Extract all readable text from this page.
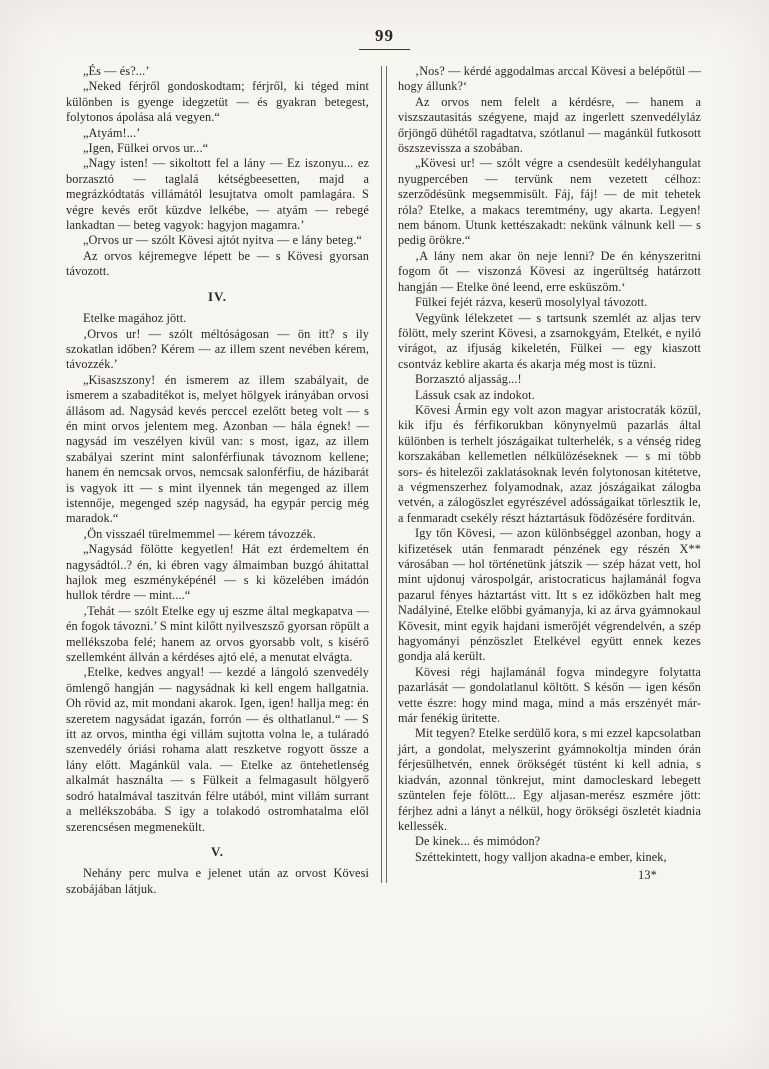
99

„És — és?...’

„Neked férjről gondoskodtam; férjről, ki téged mint különben is gyenge idegzetüt — és gyakran betegest, folytonos ápolása alá vegyen.“

„Atyám!...’

„Igen, Fülkei orvos ur...“

„Nagy isten! — sikoltott fel a lány — Ez iszonyu... ez borzasztó — taglalá kétségbeesetten, majd a megrázkódtatás villámától lesujtatva omolt pamlagára. S végre kevés erőt küzdve lelkébe, — atyám — rebegé lankadtan — beteg vagyok: hagyjon magamra.’

„Orvos ur — szólt Kövesi ajtót nyitva — e lány beteg.“

Az orvos kéjremegve lépett be — s Kövesi gyorsan távozott.

IV.

Etelke magához jött.

‚Orvos ur! — szólt méltóságosan — ön itt? s ily szokatlan időben? Kérem — az illem szent nevében kérem, távozzék.’

„Kisaszszony! én ismerem az illem szabályait, de ismerem a szabaditékot is, melyet hölgyek irányában orvosi állásom ad. Nagysád kevés perccel ezelőtt beteg volt — s én mint orvos jelentem meg. Azonban — hála égnek! — nagysád im veszélyen kivül van: s most, igaz, az illem szabályai szerint mint salonférfiunak távoznom kellene; hanem én nemcsak orvos, nemcsak salonférfiu, de házibarát is vagyok itt — s mint ilyennek tán megenged az illem istennője, megenged szép nagysád, ha egypár percig még maradok.“

‚Ön visszaél türelmemmel — kérem távozzék.

„Nagysád fölötte kegyetlen! Hát ezt érdemeltem én nagysádtól..? én, ki ébren vagy álmaimban buzgó áhitattal hajlok meg eszményképénél — s ki közelében imádón hullok térdre — mint....“

‚Tehát — szólt Etelke egy uj eszme által megkapatva — én fogok távozni.’ S mint kilőtt nyilveszsző gyorsan röpült a mellékszoba felé; hanem az orvos gyorsabb volt, s kisérő szellemként állván a kérdéses ajtó elé, a menutat elvágta.

‚Etelke, kedves angyal! — kezdé a lángoló szenvedély ömlengő hangján — nagysádnak ki kell engem hallgatnia. Oh rövid az, mit mondani akarok. Igen, igen! hallja meg: én szeretem nagysádat igazán, forrón — és olthatlanul.“ — S itt az orvos, mintha égi villám sujtotta volna le, a tuláradó szenvedély óriási rohama alatt reszketve rogyott össze a lány előtt. Magánkül vala. — Etelke az öntehetlenség alkalmát használta — s Fülkeit a felmagasult hölgyerő sodró hatalmával taszitván félre utából, mint villám surrant a mellékszobába. S igy a tolakodó ostromhatalma elől szerencsésen megmenekült.

V.

Nehány perc mulva e jelenet után az orvost Kövesi szobájában látjuk.

‚Nos? — kérdé aggodalmas arccal Kövesi a belépőtül — hogy állunk?‘

Az orvos nem felelt a kérdésre, — hanem a viszszautasitás szégyene, majd az ingerlett szenvedélyláz őrjöngő dühétől ragadtatva, szótlanul — magánkül futkosott öszszevissza a szobában.

„Kövesi ur! — szólt végre a csendesült kedélyhangulat nyugpercében — tervünk nem vezetett célhoz: szerződésünk megsemmisült. Fáj, fáj! — de mit tehetek róla? Etelke, a makacs teremtmény, ugy akarta. Legyen! nem bánom. Utunk kettészakadt: nekünk válnunk kell — s pedig örökre.“

‚A lány nem akar ön neje lenni? De én kényszeritni fogom őt — viszonzá Kövesi az ingerültség határzott hangján — Etelke öné leend, erre esküszöm.‘

Fülkei fejét rázva, keserü mosolylyal távozott.

Vegyünk lélekzetet — s tartsunk szemlét az aljas terv fölött, mely szerint Kövesi, a zsarnokgyám, Etelkét, e nyiló virágot, az ifjuság kikeletén, Fülkei — egy kiaszott csontváz keblire akarta és akarja még most is tüzni.

Borzasztó aljasság...!

Lássuk csak az indokot.

Kövesi Ármin egy volt azon magyar aristocraták közül, kik ifju és férfikorukban könynyelmü pazarlás által különben is terhelt jószágaikat tulterhelék, s a vénség rideg korszakában kellemetlen nélkülözéseknek — s mi több sors- és hitelezői zaklatásoknak levén folytonosan kitétetve, a végmenszerhez folyamodnak, azaz jószágaikat zálogba vetvén, a zálogöszlet egyrészével adósságaikat törlesztik le, a fenmaradt csekély részt háztartásuk födözésére forditván.

Igy tőn Kövesi, — azon különbséggel azonban, hogy a kifizetések után fenmaradt pénzének egy részén X** városában — hol történetünk játszik — szép házat vett, hol mint ujdonuj várospolgár, aristocraticus hajlamánál fogva pazarul fényes háztartást vitt. Itt s ez időközben halt meg Nadályiné, Etelke előbbi gyámanyja, ki az árva gyámnokaul Kövesit, mint egyik hajdani ismerőjét végrendelvén, a szép hagyományi pénzöszlet Etelkével együtt ennek kezes gondja alá került.

Kövesi régi hajlamánál fogva mindegyre folytatta pazarlását — gondolatlanul költött. S későn — igen későn vette észre: hogy mind maga, mind a más erszényét már-már fenékig üritette.

Mit tegyen? Etelke serdülő kora, s mi ezzel kapcsolatban járt, a gondolat, melyszerint gyámnokoltja minden órán férjesülhetvén, ennek örökségét tüstént ki kell adnia, s kiadván, azonnal tönkrejut, mint damocleskard lebegett szüntelen feje fölött... Egy aljasan-merész eszmére jött: férjhez adni a lányt a nélkül, hogy örökségi öszletét kiadnia kellessék.

De kinek... és mimódon?

Széttekintett, hogy valljon akadna-e ember, kinek,

13*
